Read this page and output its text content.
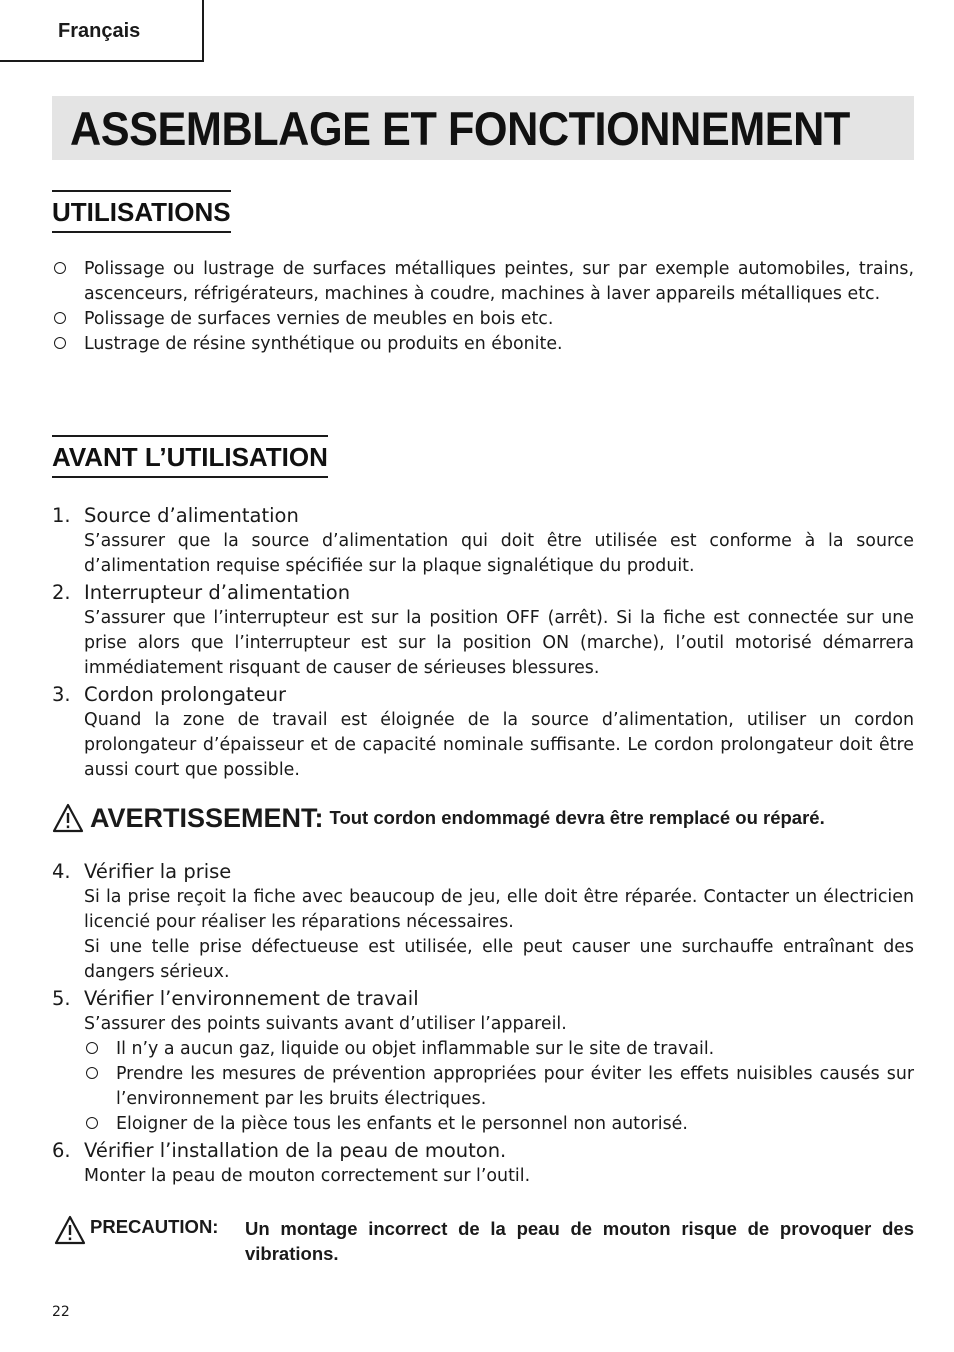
Français
ASSEMBLAGE ET FONCTIONNEMENT
UTILISATIONS
Polissage ou lustrage de surfaces métalliques peintes, sur par exemple automobiles, trains, ascenceurs, réfrigérateurs, machines à coudre, machines à laver appareils métalliques etc.
Polissage de surfaces vernies de meubles en bois etc.
Lustrage de résine synthétique ou produits en ébonite.
AVANT L’UTILISATION
1. Source d’alimentation
S’assurer que la source d’alimentation qui doit être utilisée est conforme à la source d’alimentation requise spécifiée sur la plaque signalétique du produit.
2. Interrupteur d’alimentation
S’assurer que l’interrupteur est sur la position OFF (arrêt). Si la fiche est connectée sur une prise alors que l’interrupteur est sur la position ON (marche), l’outil motorisé démarrera immédiatement risquant de causer de sérieuses blessures.
3. Cordon prolongateur
Quand la zone de travail est éloignée de la source d’alimentation, utiliser un cordon prolongateur d’épaisseur et de capacité nominale suffisante. Le cordon prolongateur doit être aussi court que possible.
AVERTISSEMENT: Tout cordon endommagé devra être remplacé ou réparé.
4. Vérifier la prise
Si la prise reçoit la fiche avec beaucoup de jeu, elle doit être réparée. Contacter un électricien licencié pour réaliser les réparations nécessaires.
Si une telle prise défectueuse est utilisée, elle peut causer une surchauffe entraînant des dangers sérieux.
5. Vérifier l’environnement de travail
S’assurer des points suivants avant d’utiliser l’appareil.
Il n’y a aucun gaz, liquide ou objet inflammable sur le site de travail.
Prendre les mesures de prévention appropriées pour éviter les effets nuisibles causés sur l’environnement par les bruits électriques.
Eloigner de la pièce tous les enfants et le personnel non autorisé.
6. Vérifier l’installation de la peau de mouton.
Monter la peau de mouton correctement sur l’outil.
PRECAUTION: Un montage incorrect de la peau de mouton risque de provoquer des vibrations.
22
